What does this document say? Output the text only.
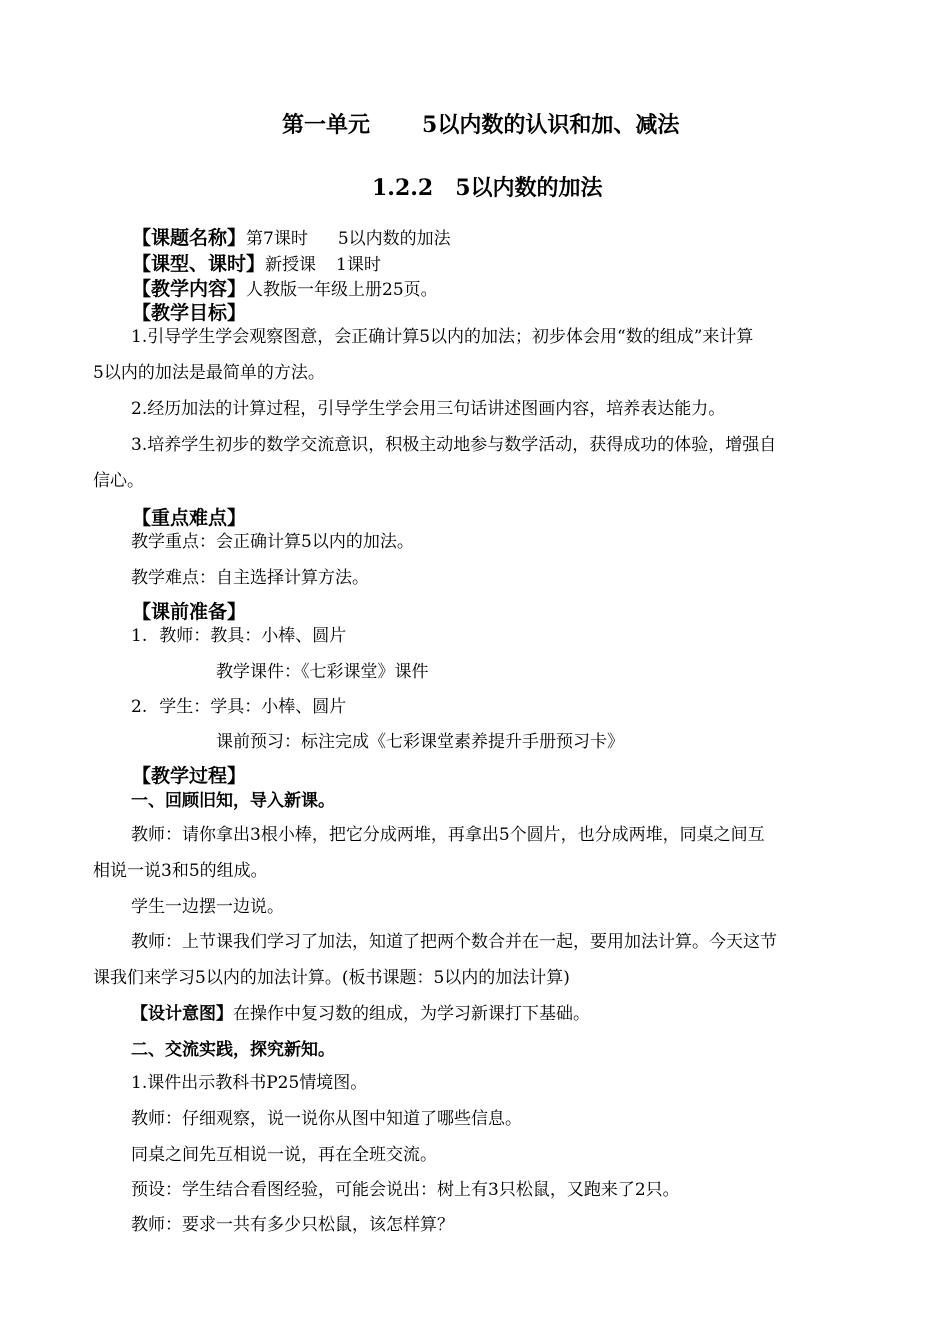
第一单元 5以内数的认识和加、减法
1.2.2 5以内数的加法
【课题名称】第7课时 5以内数的加法
【课型、课时】新授课 1课时
【教学内容】人教版一年级上册25页。
【教学目标】
1.引导学生学会观察图意，会正确计算5以内的加法；初步体会用“数的组成”来计算
5以内的加法是最简单的方法。
2.经历加法的计算过程，引导学生学会用三句话讲述图画内容，培养表达能力。
3.培养学生初步的数学交流意识，积极主动地参与数学活动，获得成功的体验，增强自
信心。
【重点难点】
教学重点：会正确计算5以内的加法。
教学难点：自主选择计算方法。
【课前准备】
1. 教师：教具：小棒、圆片
教学课件：《七彩课堂》课件
2. 学生：学具：小棒、圆片
课前预习：标注完成《七彩课堂素养提升手册预习卡》
【教学过程】
一、回顾旧知，导入新课。
教师：请你拿出3根小棒，把它分成两堆，再拿出5个圆片，也分成两堆，同桌之间互
相说一说3和5的组成。
学生一边摆一边说。
教师：上节课我们学习了加法，知道了把两个数合并在一起，要用加法计算。今天这节
课我们来学习5以内的加法计算。(板书课题：5以内的加法计算)
【设计意图】在操作中复习数的组成，为学习新课打下基础。
二、交流实践，探究新知。
1.课件出示教科书P25情境图。
教师：仔细观察，说一说你从图中知道了哪些信息。
同桌之间先互相说一说，再在全班交流。
预设：学生结合看图经验，可能会说出：树上有3只松鼠，又跑来了2只。
教师：要求一共有多少只松鼠，该怎样算？
